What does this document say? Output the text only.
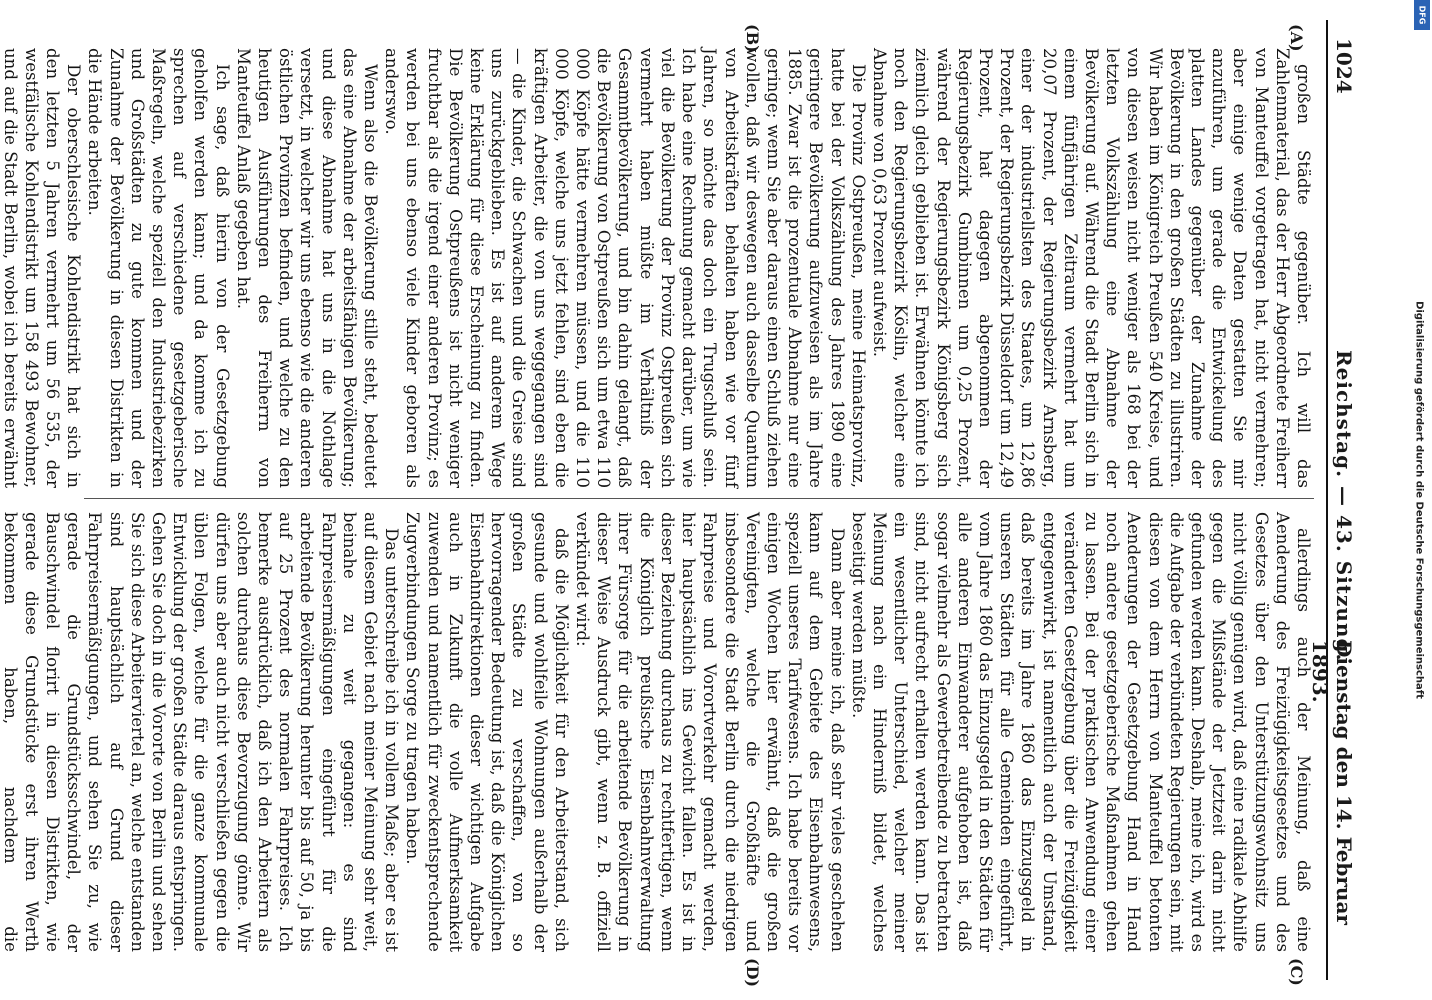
1024
Reichstag. — 43. Sitzung.
Dienstag den 14. Februar 1893.
(A)
(B)
(C)
(D)

großen Städte gegenüber. Ich will das Zahlenmaterial, das der Herr Abgeordnete Freiherr von Manteuffel vorgetragen hat, nicht vermehren; aber einige wenige Daten gestatten Sie mir anzuführen, um gerade die Entwickelung des platten Landes gegenüber der Zunahme der Bevölkerung in den großen Städten zu illustriren. Wir haben im Königreich Preußen 540 Kreise, und von diesen weisen nicht weniger als 168 bei der letzten Volkszählung eine Abnahme der Bevölkerung auf. Während die Stadt Berlin sich in einem fünfjährigen Zeitraum vermehrt hat um 20,07 Prozent, der Regierungsbezirk Arnsberg, einer der industriellsten des Staates, um 12,86 Prozent, der Regierungsbezirk Düsseldorf um 12,49 Prozent, hat dagegen abgenommen der Regierungsbezirk Gumbinnen um 0,25 Prozent, während der Regierungsbezirk Königsberg sich ziemlich gleich geblieben ist. Erwähnen könnte ich noch den Regierungsbezirk Köslin, welcher eine Abnahme von 0,63 Prozent aufweist.

Die Provinz Ostpreußen, meine Heimatsprovinz, hatte bei der Volkszählung des Jahres 1890 eine geringere Bevölkerung aufzuweisen als im Jahre 1885. Zwar ist die prozentuale Abnahme nur eine geringe; wenn Sie aber daraus einen Schluß ziehen wollen, daß wir deswegen auch dasselbe Quantum von Arbeitskräften behalten haben wie vor fünf Jahren, so möchte das doch ein Trugschluß sein. Ich habe eine Rechnung gemacht darüber, um wie viel die Bevölkerung der Provinz Ostpreußen sich vermehrt haben müßte im Verhältniß der Gesammtbevölkerung, und bin dahin gelangt, daß die Bevölkerung von Ostpreußen sich um etwa 110 000 Köpfe hätte vermehren müssen, und die 110 000 Köpfe, welche uns jetzt fehlen, sind eben die kräftigen Arbeiter, die von uns weggegangen sind — die Kinder, die Schwachen und die Greise sind uns zurückgeblieben. Es ist auf anderem Wege keine Erklärung für diese Erscheinung zu finden. Die Bevölkerung Ostpreußens ist nicht weniger fruchtbar als die irgend einer anderen Provinz; es werden bei uns ebenso viele Kinder geboren als anderswo.

Wenn also die Bevölkerung stille steht, bedeutet das eine Abnahme der arbeitsfähigen Bevölkerung; und diese Abnahme hat uns in die Nothlage versetzt, in welcher wir uns ebenso wie die anderen östlichen Provinzen befinden, und welche zu den heutigen Ausführungen des Freiherrn von Manteuffel Anlaß gegeben hat.

Ich sage, daß hierin von der Gesetzgebung geholfen werden kann; und da komme ich zu sprechen auf verschiedene gesetzgeberische Maßregeln, welche speziell den Industriebezirken und Großstädten zu gute kommen und der Zunahme der Bevölkerung in diesen Distrikten in die Hände arbeiten.

Der oberschlesische Kohlendistrikt hat sich in den letzten 5 Jahren vermehrt um 56 535, der westfälische Kohlendistrikt um 158 493 Bewohner, und auf die Stadt Berlin, wobei ich bereits erwähnt

allerdings auch der Meinung, daß eine Aenderung des Freizügigkeitsgesetzes und des Gesetzes über den Unterstützungswohnsitz uns nicht völlig genügen wird, daß eine radikale Abhilfe gegen die Mißstände der Jetztzeit darin nicht gefunden werden kann. Deshalb, meine ich, wird es die Aufgabe der verbündeten Regierungen sein, mit diesen von dem Herrn von Manteuffel betonten Aenderungen der Gesetzgebung Hand in Hand noch andere gesetzgeberische Maßnahmen gehen zu lassen. Bei der praktischen Anwendung einer veränderten Gesetzgebung über die Freizügigkeit entgegenwirkt, ist namentlich auch der Umstand, daß bereits im Jahre 1860 das Einzugsgeld in unseren Städten für alle Gemeinden eingeführt, vom Jahre 1860 das Einzugsgeld in den Städten für alle anderen Einwanderer aufgehoben ist, daß sogar vielmehr als Gewerbetreibende zu betrachten sind, nicht aufrecht erhalten werden kann. Das ist ein wesentlicher Unterschied, welcher meiner Meinung nach ein Hinderniß bildet, welches beseitigt werden müßte.

Dann aber meine ich, daß sehr vieles geschehen kann auf dem Gebiete des Eisenbahnwesens, speziell unseres Tarifwesens. Ich habe bereits vor einigen Wochen hier erwähnt, daß die großen Vereinigten, welche die Großhäfte und insbesondere die Stadt Berlin durch die niedrigen Fahrpreise und Vorortverkehr gemacht werden, hier hauptsächlich ins Gewicht fallen. Es ist in dieser Beziehung durchaus zu rechtfertigen, wenn die Königlich preußische Eisenbahnverwaltung ihrer Fürsorge für die arbeitende Bevölkerung in dieser Weise Ausdruck gibt, wenn z. B. offiziell verkündet wird:

daß die Möglichkeit für den Arbeiterstand, sich gesunde und wohlfeile Wohnungen außerhalb der großen Städte zu verschaffen, von so hervorragender Bedeutung ist, daß die Königlichen Eisenbahndirektionen dieser wichtigen Aufgabe auch in Zukunft die volle Aufmerksamkeit zuwenden und namentlich für zweckentsprechende Zugverbindungen Sorge zu tragen haben.

Das unterschreibe ich in vollem Maße; aber es ist auf diesem Gebiet nach meiner Meinung sehr weit, beinahe zu weit gegangen: es sind Fahrpreisermäßigungen eingeführt für die arbeitende Bevölkerung herunter bis auf 50, ja bis auf 25 Prozent des normalen Fahrpreises. Ich bemerke ausdrücklich, daß ich den Arbeitern als solchen durchaus diese Bevorzugung gönne. Wir dürfen uns aber auch nicht verschließen gegen die üblen Folgen, welche für die ganze kommunale Entwicklung der großen Städte daraus entspringen. Gehen Sie doch in die Vororte von Berlin und sehen Sie sich diese Arbeiterviertel an, welche entstanden sind hauptsächlich auf Grund dieser Fahrpreisermäßigungen, und sehen Sie zu, wie gerade die Grundstücksschwindel, der Bauschwindel florirt in diesen Distrikten, wie gerade diese Grundstücke erst ihren Werth bekommen haben, nachdem die

DFG
Digitalisierung gefördert durch die Deutsche Forschungsgemeinschaft
